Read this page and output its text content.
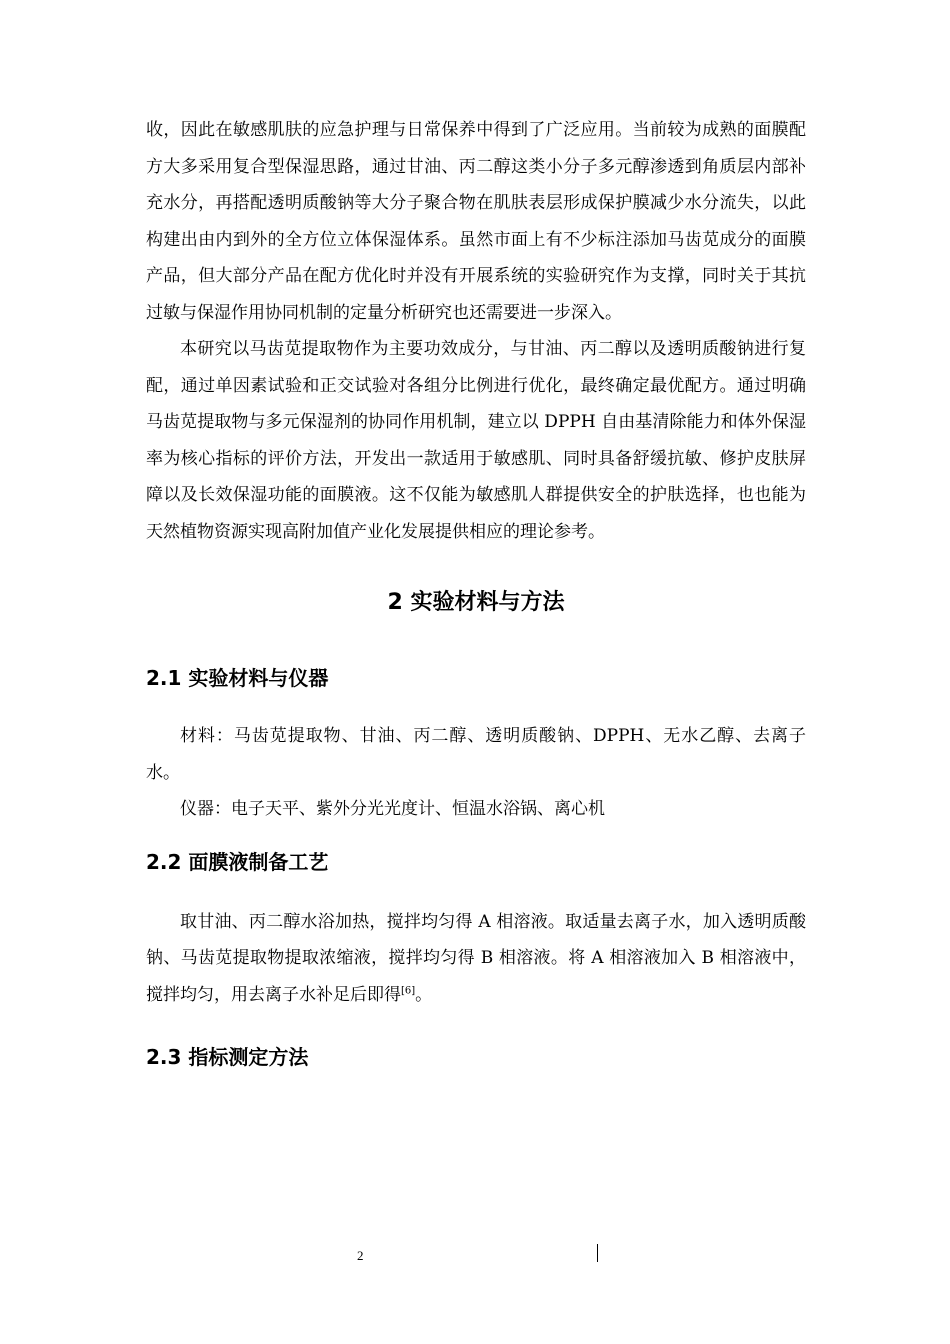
收，因此在敏感肌肤的应急护理与日常保养中得到了广泛应用。当前较为成熟的面膜配方大多采用复合型保湿思路，通过甘油、丙二醇这类小分子多元醇渗透到角质层内部补充水分，再搭配透明质酸钠等大分子聚合物在肌肤表层形成保护膜减少水分流失，以此构建出由内到外的全方位立体保湿体系。虽然市面上有不少标注添加马齿苋成分的面膜产品，但大部分产品在配方优化时并没有开展系统的实验研究作为支撑，同时关于其抗过敏与保湿作用协同机制的定量分析研究也还需要进一步深入。

本研究以马齿苋提取物作为主要功效成分，与甘油、丙二醇以及透明质酸钠进行复配，通过单因素试验和正交试验对各组分比例进行优化，最终确定最优配方。通过明确马齿苋提取物与多元保湿剂的协同作用机制，建立以 DPPH 自由基清除能力和体外保湿率为核心指标的评价方法，开发出一款适用于敏感肌、同时具备舒缓抗敏、修护皮肤屏障以及长效保湿功能的面膜液。这不仅能为敏感肌人群提供安全的护肤选择，也也能为天然植物资源实现高附加值产业化发展提供相应的理论参考。

2 实验材料与方法
2.1 实验材料与仪器

材料：马齿苋提取物、甘油、丙二醇、透明质酸钠、DPPH、无水乙醇、去离子水。

仪器：电子天平、紫外分光光度计、恒温水浴锅、离心机

2.2 面膜液制备工艺

取甘油、丙二醇水浴加热，搅拌均匀得 A 相溶液。取适量去离子水，加入透明质酸钠、马齿苋提取物提取浓缩液，搅拌均匀得 B 相溶液。将 A 相溶液加入 B 相溶液中，搅拌均匀，用去离子水补足后即得[6]。

2.3 指标测定方法
2
